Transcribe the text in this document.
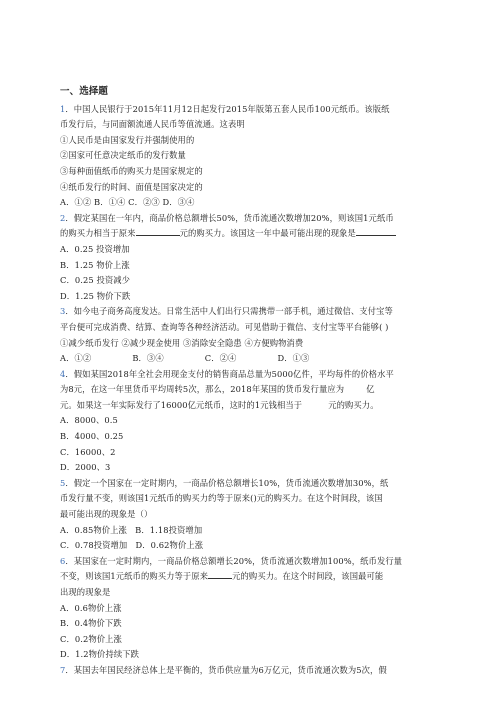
一、选择题
1．中国人民银行于2015年11月12日起发行2015年版第五套人民币100元纸币。该版纸
币发行后，与同面额流通人民币等值流通。这表明
①人民币是由国家发行并强制使用的
②国家可任意决定纸币的发行数量
③每种面值纸币的购买力是国家规定的
④纸币发行的时间、面值是国家决定的
A．①② B．①④ C．②③ D．③④
2．假定某国在一年内，商品价格总额增长50%，货币流通次数增加20%，则该国1元纸币
的购买力相当于原来	元的购买力。该国这一年中最可能出现的现象是
A．0.25 投资增加
B．1.25 物价上涨
C．0.25 投资减少
D．1.25 物价下跌
3．如今电子商务高度发达。日常生活中人们出行只需携带一部手机，通过微信、支付宝等
平台便可完成消费、结算、查询等各种经济活动。可见借助于微信、支付宝等平台能够( )
①减少纸币发行 ②减少现金使用 ③消除安全隐患 ④方便购物消费
A．①②               B．③④               C．②④               D．①③
4．假如某国2018年全社会用现金支付的销售商品总量为5000亿件，平均每件的价格水平
为8元，在这一年里货币平均周转5次，那么，2018年某国的货币发行量应为	亿
元。如果这一年实际发行了16000亿元纸币，这时的1元钱相当于	元的购买力。
A．8000、0.5
B．4000、0.25
C．16000、2
D．2000、3
5．假定一个国家在一定时期内，一商品价格总额增长10%，货币流通次数增加30%，纸
币发行量不变，则该国1元纸币的购买力约等于原来()元的购买力。在这个时间段，该国
最可能出现的现象是（）
A．0.85物价上涨   B．1.18投资增加
C．0.78投资增加   D．0.62物价上涨
6．某国家在一定时期内，一商品价格总额增长20%，货币流通次数增加100%，纸币发行量
不变，则该国1元纸币的购买力等于原来	元的购买力。在这个时间段，该国最可能
出现的现象是
A．0.6物价上涨
B．0.4物价下跌
C．0.2物价上涨
D．1.2物价持续下跌
7．某国去年国民经济总体上是平衡的，货币供应量为6万亿元，货币流通次数为5次，假
